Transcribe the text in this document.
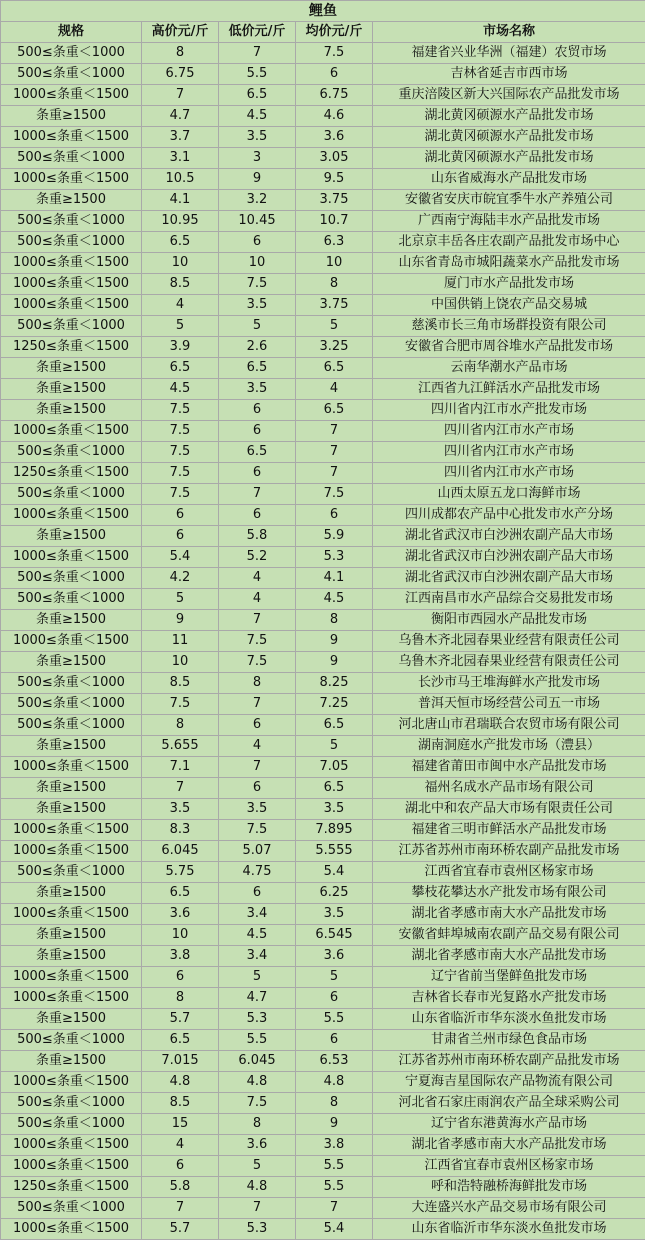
鲤鱼				
规格	高价元/斤	低价元/斤	均价元/斤	市场名称
500≤条重＜1000	8	7	7.5	福建省兴业华洲（福建）农贸市场
500≤条重＜1000	6.75	5.5	6	吉林省延吉市西市场
1000≤条重＜1500	7	6.5	6.75	重庆涪陵区新大兴国际农产品批发市场
条重≥1500	4.7	4.5	4.6	湖北黄冈硕源水产品批发市场
1000≤条重＜1500	3.7	3.5	3.6	湖北黄冈硕源水产品批发市场
500≤条重＜1000	3.1	3	3.05	湖北黄冈硕源水产品批发市场
1000≤条重＜1500	10.5	9	9.5	山东省威海水产品批发市场
条重≥1500	4.1	3.2	3.75	安徽省安庆市皖宜季牛水产养殖公司
500≤条重＜1000	10.95	10.45	10.7	广西南宁海陆丰水产品批发市场
500≤条重＜1000	6.5	6	6.3	北京京丰岳各庄农副产品批发市场中心
1000≤条重＜1500	10	10	10	山东省青岛市城阳蔬菜水产品批发市场
1000≤条重＜1500	8.5	7.5	8	厦门市水产品批发市场
1000≤条重＜1500	4	3.5	3.75	中国供销上饶农产品交易城
500≤条重＜1000	5	5	5	慈溪市长三角市场群投资有限公司
1250≤条重＜1500	3.9	2.6	3.25	安徽省合肥市周谷堆水产品批发市场
条重≥1500	6.5	6.5	6.5	云南华潮水产品市场
条重≥1500	4.5	3.5	4	江西省九江鲜活水产品批发市场
条重≥1500	7.5	6	6.5	四川省内江市水产批发市场
1000≤条重＜1500	7.5	6	7	四川省内江市水产市场
500≤条重＜1000	7.5	6.5	7	四川省内江市水产市场
1250≤条重＜1500	7.5	6	7	四川省内江市水产市场
500≤条重＜1000	7.5	7	7.5	山西太原五龙口海鲜市场
1000≤条重＜1500	6	6	6	四川成都农产品中心批发市水产分场
条重≥1500	6	5.8	5.9	湖北省武汉市白沙洲农副产品大市场
1000≤条重＜1500	5.4	5.2	5.3	湖北省武汉市白沙洲农副产品大市场
500≤条重＜1000	4.2	4	4.1	湖北省武汉市白沙洲农副产品大市场
500≤条重＜1000	5	4	4.5	江西南昌市水产品综合交易批发市场
条重≥1500	9	7	8	衡阳市西园水产品批发市场
1000≤条重＜1500	11	7.5	9	乌鲁木齐北园春果业经营有限责任公司
条重≥1500	10	7.5	9	乌鲁木齐北园春果业经营有限责任公司
500≤条重＜1000	8.5	8	8.25	长沙市马王堆海鲜水产批发市场
500≤条重＜1000	7.5	7	7.25	普洱天恒市场经营公司五一市场
500≤条重＜1000	8	6	6.5	河北唐山市君瑞联合农贸市场有限公司
条重≥1500	5.655	4	5	湖南洞庭水产批发市场（澧县）
1000≤条重＜1500	7.1	7	7.05	福建省莆田市闽中水产品批发市场
条重≥1500	7	6	6.5	福州名成水产品市场有限公司
条重≥1500	3.5	3.5	3.5	湖北中和农产品大市场有限责任公司
1000≤条重＜1500	8.3	7.5	7.895	福建省三明市鲜活水产品批发市场
1000≤条重＜1500	6.045	5.07	5.555	江苏省苏州市南环桥农副产品批发市场
500≤条重＜1000	5.75	4.75	5.4	江西省宜春市袁州区杨家市场
条重≥1500	6.5	6	6.25	攀枝花攀达水产批发市场有限公司
1000≤条重＜1500	3.6	3.4	3.5	湖北省孝感市南大水产品批发市场
条重≥1500	10	4.5	6.545	安徽省蚌埠城南农副产品交易有限公司
条重≥1500	3.8	3.4	3.6	湖北省孝感市南大水产品批发市场
1000≤条重＜1500	6	5	5	辽宁省前当堡鲜鱼批发市场
1000≤条重＜1500	8	4.7	6	吉林省长春市光复路水产批发市场
条重≥1500	5.7	5.3	5.5	山东省临沂市华东淡水鱼批发市场
500≤条重＜1000	6.5	5.5	6	甘肃省兰州市绿色食品市场
条重≥1500	7.015	6.045	6.53	江苏省苏州市南环桥农副产品批发市场
1000≤条重＜1500	4.8	4.8	4.8	宁夏海吉星国际农产品物流有限公司
500≤条重＜1000	8.5	7.5	8	河北省石家庄雨润农产品全球采购公司
500≤条重＜1000	15	8	9	辽宁省东港黄海水产品市场
1000≤条重＜1500	4	3.6	3.8	湖北省孝感市南大水产品批发市场
1000≤条重＜1500	6	5	5.5	江西省宜春市袁州区杨家市场
1250≤条重＜1500	5.8	4.8	5.5	呼和浩特融桥海鲜批发市场
500≤条重＜1000	7	7	7	大连盛兴水产品交易市场有限公司
1000≤条重＜1500	5.7	5.3	5.4	山东省临沂市华东淡水鱼批发市场
